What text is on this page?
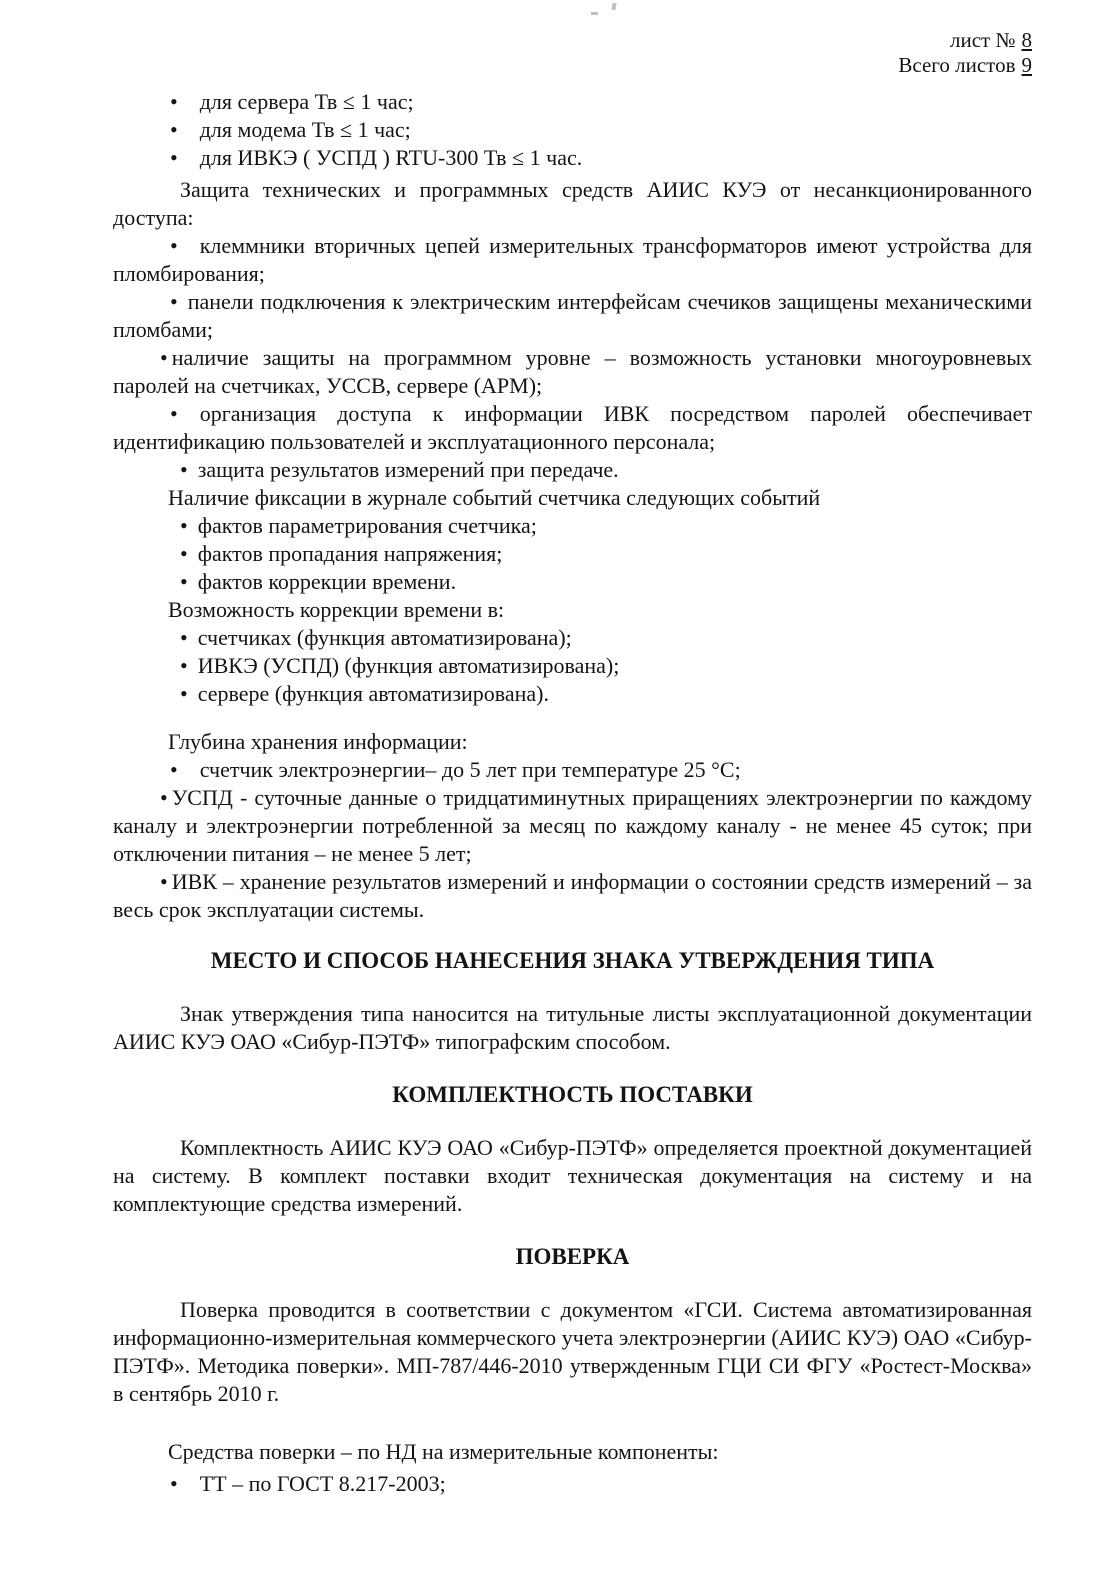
лист № 8
Всего листов 9

• для сервера Тв ≤ 1 час;

• для модема Тв ≤ 1 час;

• для ИВКЭ ( УСПД ) RTU-300 Тв ≤ 1 час.

Защита технических и программных средств АИИС КУЭ от несанкционированного доступа:

• клеммники вторичных цепей измерительных трансформаторов имеют устройства для пломбирования;

• панели подключения к электрическим интерфейсам счечиков защищены механическими пломбами;

• наличие защиты на программном уровне – возможность установки многоуровневых паролей на счетчиках, УССВ, сервере (АРМ);

• организация доступа к информации ИВК посредством паролей обеспечивает идентификацию пользователей и эксплуатационного персонала;

• защита результатов измерений при передаче.

Наличие фиксации в журнале событий счетчика следующих событий

• фактов параметрирования счетчика;

• фактов пропадания напряжения;

• фактов коррекции времени.

Возможность коррекции времени в:

• счетчиках (функция автоматизирована);

• ИВКЭ (УСПД) (функция автоматизирована);

• сервере (функция автоматизирована).

Глубина хранения информации:

• счетчик электроэнергии– до 5 лет при температуре 25 °С;

• УСПД - суточные данные о тридцатиминутных приращениях электроэнергии по каждому каналу и электроэнергии потребленной за месяц по каждому каналу - не менее 45 суток; при отключении питания – не менее 5 лет;

• ИВК – хранение результатов измерений и информации о состоянии средств измерений – за весь срок эксплуатации системы.

МЕСТО И СПОСОБ НАНЕСЕНИЯ ЗНАКА УТВЕРЖДЕНИЯ ТИПА

Знак утверждения типа наносится на титульные листы эксплуатационной документации АИИС КУЭ ОАО «Сибур-ПЭТФ» типографским способом.

КОМПЛЕКТНОСТЬ ПОСТАВКИ

Комплектность АИИС КУЭ ОАО «Сибур-ПЭТФ» определяется проектной документацией на систему. В комплект поставки входит техническая документация на систему и на комплектующие средства измерений.

ПОВЕРКА

Поверка проводится в соответствии с документом «ГСИ. Система автоматизированная информационно-измерительная коммерческого учета электроэнергии (АИИС КУЭ) ОАО «Сибур-ПЭТФ». Методика поверки». МП-787/446-2010 утвержденным ГЦИ СИ ФГУ «Ростест-Москва» в сентябрь 2010 г.

Средства поверки – по НД на измерительные компоненты:

• ТТ – по ГОСТ 8.217-2003;
